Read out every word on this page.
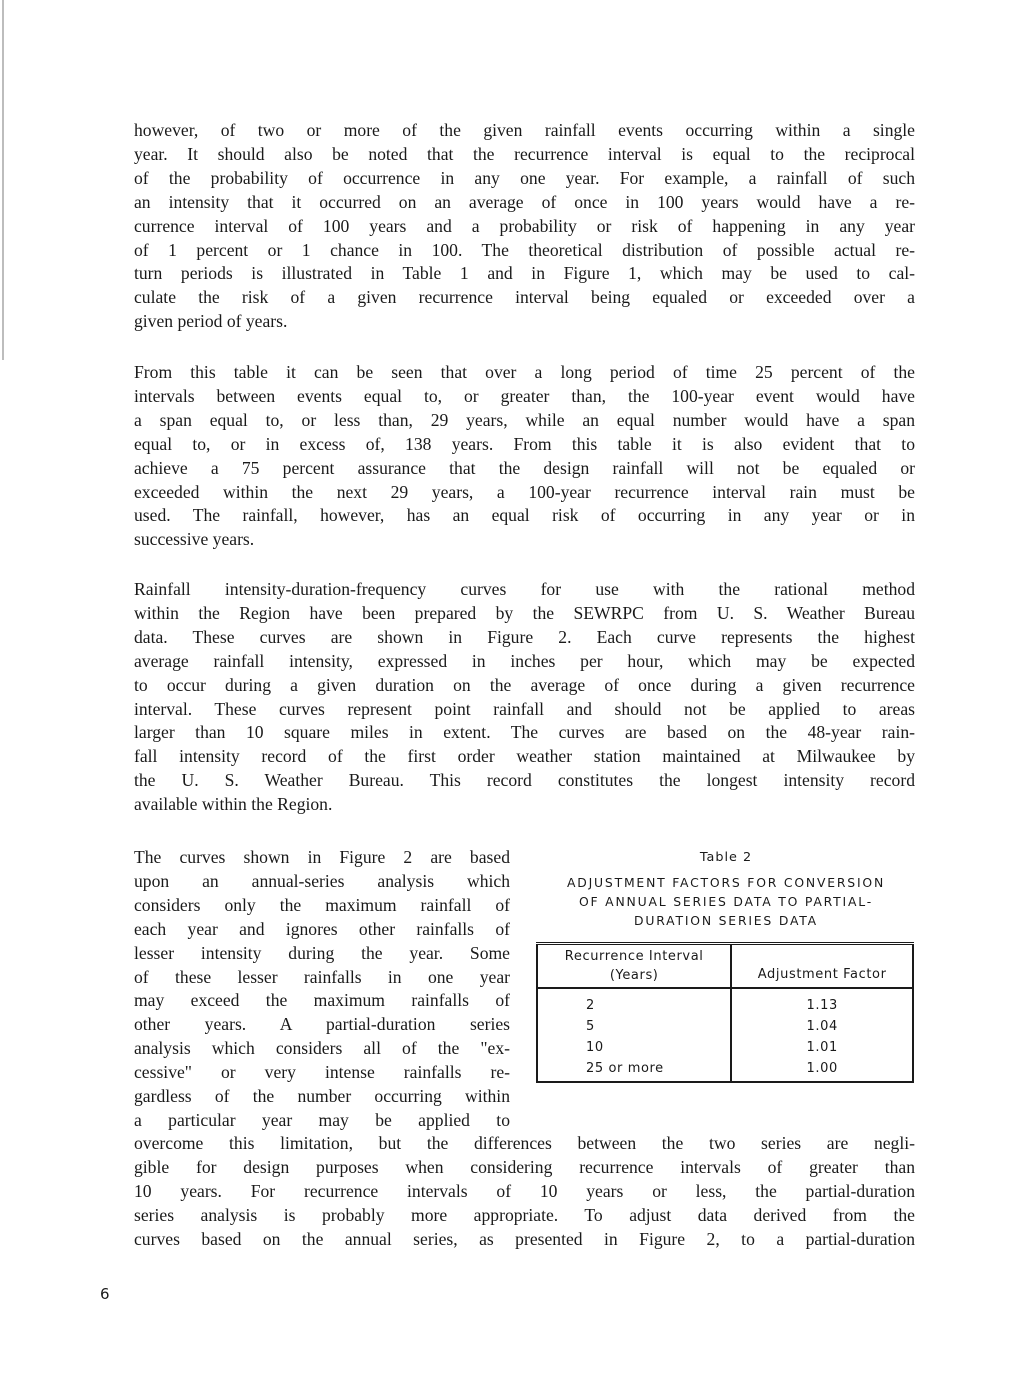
however, of two or more of the given rainfall events occurring within a single
year. It should also be noted that the recurrence interval is equal to the reciprocal
of the probability of occurrence in any one year. For example, a rainfall of such
an intensity that it occurred on an average of once in 100 years would have a re-
currence interval of 100 years and a probability or risk of happening in any year
of 1 percent or 1 chance in 100. The theoretical distribution of possible actual re-
turn periods is illustrated in Table 1 and in Figure 1, which may be used to cal-
culate the risk of a given recurrence interval being equaled or exceeded over a
given period of years.
From this table it can be seen that over a long period of time 25 percent of the
intervals between events equal to, or greater than, the 100-year event would have
a span equal to, or less than, 29 years, while an equal number would have a span
equal to, or in excess of, 138 years. From this table it is also evident that to
achieve a 75 percent assurance that the design rainfall will not be equaled or
exceeded within the next 29 years, a 100-year recurrence interval rain must be
used. The rainfall, however, has an equal risk of occurring in any year or in
successive years.
Rainfall intensity-duration-frequency curves for use with the rational method
within the Region have been prepared by the SEWRPC from U. S. Weather Bureau
data. These curves are shown in Figure 2. Each curve represents the highest
average rainfall intensity, expressed in inches per hour, which may be expected
to occur during a given duration on the average of once during a given recurrence
interval. These curves represent point rainfall and should not be applied to areas
larger than 10 square miles in extent. The curves are based on the 48-year rain-
fall intensity record of the first order weather station maintained at Milwaukee by
the U. S. Weather Bureau. This record constitutes the longest intensity record
available within the Region.
The curves shown in Figure 2 are based
upon an annual-series analysis which
considers only the maximum rainfall of
each year and ignores other rainfalls of
lesser intensity during the year. Some
of these lesser rainfalls in one year
may exceed the maximum rainfalls of
other years. A partial-duration series
analysis which considers all of the "ex-
cessive" or very intense rainfalls re-
gardless of the number occurring within
a particular year may be applied to

Table 2

ADJUSTMENT FACTORS FOR CONVERSION
OF ANNUAL SERIES DATA TO PARTIAL-
DURATION SERIES DATA

Recurrence Interval
(Years)	Adjustment Factor
2	1.13
5	1.04
10	1.01
25 or more	1.00
overcome this limitation, but the differences between the two series are negli-
gible for design purposes when considering recurrence intervals of greater than
10 years. For recurrence intervals of 10 years or less, the partial-duration
series analysis is probably more appropriate. To adjust data derived from the
curves based on the annual series, as presented in Figure 2, to a partial-duration
6
